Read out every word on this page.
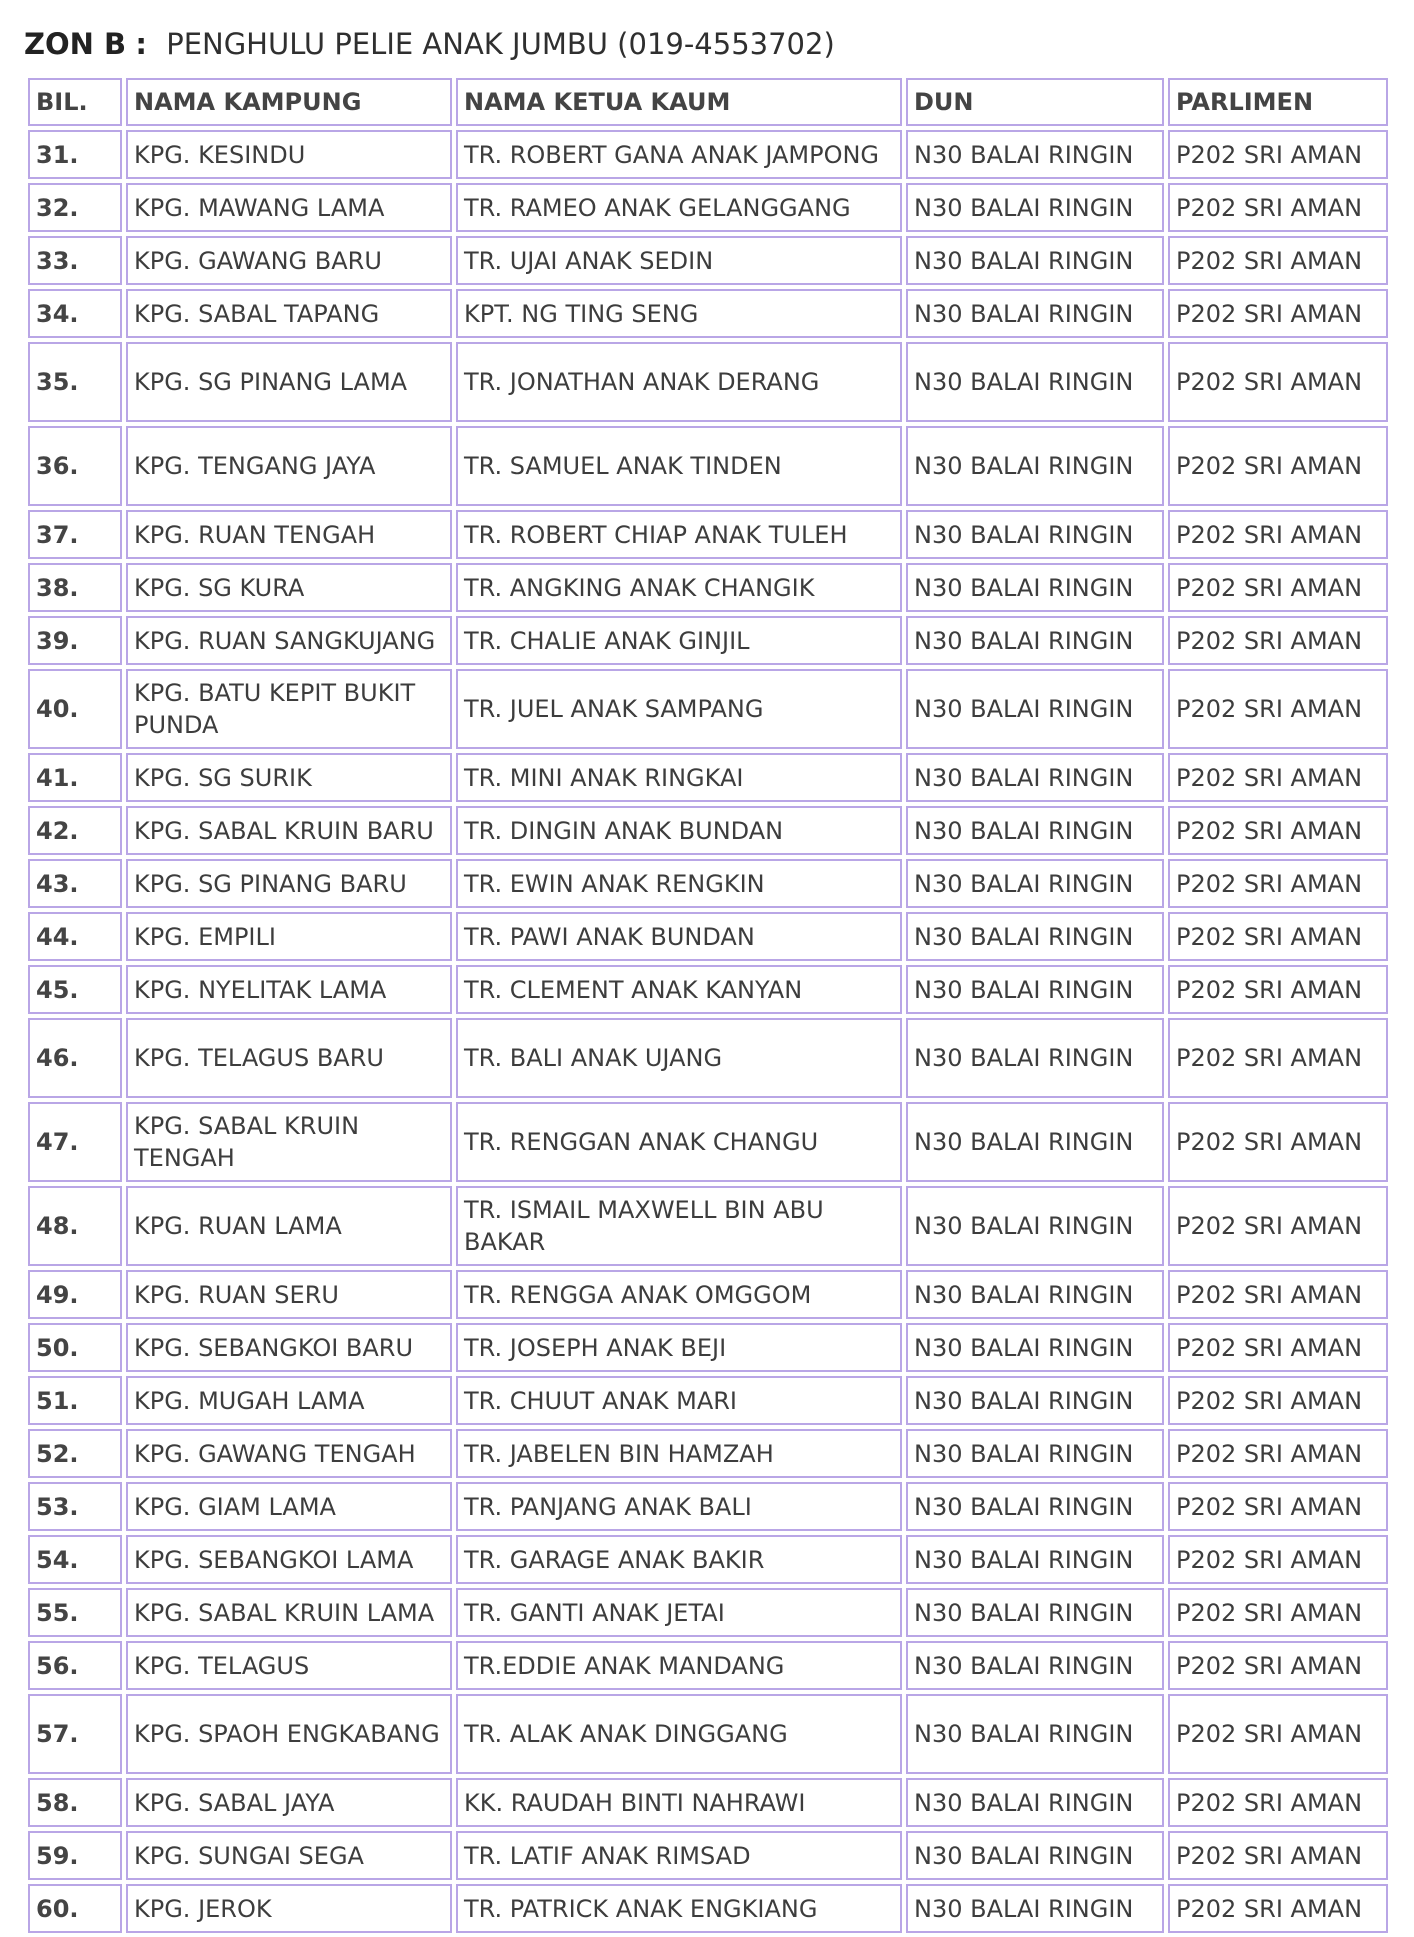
ZON B : PENGHULU PELIE ANAK JUMBU (019-4553702)
BIL.	NAMA KAMPUNG	NAMA KETUA KAUM	DUN	PARLIMEN
31.	KPG. KESINDU	TR. ROBERT GANA ANAK JAMPONG	N30 BALAI RINGIN	P202 SRI AMAN
32.	KPG. MAWANG LAMA	TR. RAMEO ANAK GELANGGANG	N30 BALAI RINGIN	P202 SRI AMAN
33.	KPG. GAWANG BARU	TR. UJAI ANAK SEDIN	N30 BALAI RINGIN	P202 SRI AMAN
34.	KPG. SABAL TAPANG	KPT. NG TING SENG	N30 BALAI RINGIN	P202 SRI AMAN
35.	KPG. SG PINANG LAMA	TR. JONATHAN ANAK DERANG	N30 BALAI RINGIN	P202 SRI AMAN
36.	KPG. TENGANG JAYA	TR. SAMUEL ANAK TINDEN	N30 BALAI RINGIN	P202 SRI AMAN
37.	KPG. RUAN TENGAH	TR. ROBERT CHIAP ANAK TULEH	N30 BALAI RINGIN	P202 SRI AMAN
38.	KPG. SG KURA	TR. ANGKING ANAK CHANGIK	N30 BALAI RINGIN	P202 SRI AMAN
39.	KPG. RUAN SANGKUJANG	TR. CHALIE ANAK GINJIL	N30 BALAI RINGIN	P202 SRI AMAN
40.	KPG. BATU KEPIT BUKIT PUNDA	TR. JUEL ANAK SAMPANG	N30 BALAI RINGIN	P202 SRI AMAN
41.	KPG. SG SURIK	TR. MINI ANAK RINGKAI	N30 BALAI RINGIN	P202 SRI AMAN
42.	KPG. SABAL KRUIN BARU	TR. DINGIN ANAK BUNDAN	N30 BALAI RINGIN	P202 SRI AMAN
43.	KPG. SG PINANG BARU	TR. EWIN ANAK RENGKIN	N30 BALAI RINGIN	P202 SRI AMAN
44.	KPG. EMPILI	TR. PAWI ANAK BUNDAN	N30 BALAI RINGIN	P202 SRI AMAN
45.	KPG. NYELITAK LAMA	TR. CLEMENT ANAK KANYAN	N30 BALAI RINGIN	P202 SRI AMAN
46.	KPG. TELAGUS BARU	TR. BALI ANAK UJANG	N30 BALAI RINGIN	P202 SRI AMAN
47.	KPG. SABAL KRUIN TENGAH	TR. RENGGAN ANAK CHANGU	N30 BALAI RINGIN	P202 SRI AMAN
48.	KPG. RUAN LAMA	TR. ISMAIL MAXWELL BIN ABU BAKAR	N30 BALAI RINGIN	P202 SRI AMAN
49.	KPG. RUAN SERU	TR. RENGGA ANAK OMGGOM	N30 BALAI RINGIN	P202 SRI AMAN
50.	KPG. SEBANGKOI BARU	TR. JOSEPH ANAK BEJI	N30 BALAI RINGIN	P202 SRI AMAN
51.	KPG. MUGAH LAMA	TR. CHUUT ANAK MARI	N30 BALAI RINGIN	P202 SRI AMAN
52.	KPG. GAWANG TENGAH	TR. JABELEN BIN HAMZAH	N30 BALAI RINGIN	P202 SRI AMAN
53.	KPG. GIAM LAMA	TR. PANJANG ANAK BALI	N30 BALAI RINGIN	P202 SRI AMAN
54.	KPG. SEBANGKOI LAMA	TR. GARAGE ANAK BAKIR	N30 BALAI RINGIN	P202 SRI AMAN
55.	KPG. SABAL KRUIN LAMA	TR. GANTI ANAK JETAI	N30 BALAI RINGIN	P202 SRI AMAN
56.	KPG. TELAGUS	TR.EDDIE ANAK MANDANG	N30 BALAI RINGIN	P202 SRI AMAN
57.	KPG. SPAOH ENGKABANG	TR. ALAK ANAK DINGGANG	N30 BALAI RINGIN	P202 SRI AMAN
58.	KPG. SABAL JAYA	KK. RAUDAH BINTI NAHRAWI	N30 BALAI RINGIN	P202 SRI AMAN
59.	KPG. SUNGAI SEGA	TR. LATIF ANAK RIMSAD	N30 BALAI RINGIN	P202 SRI AMAN
60.	KPG. JEROK	TR. PATRICK ANAK ENGKIANG	N30 BALAI RINGIN	P202 SRI AMAN
